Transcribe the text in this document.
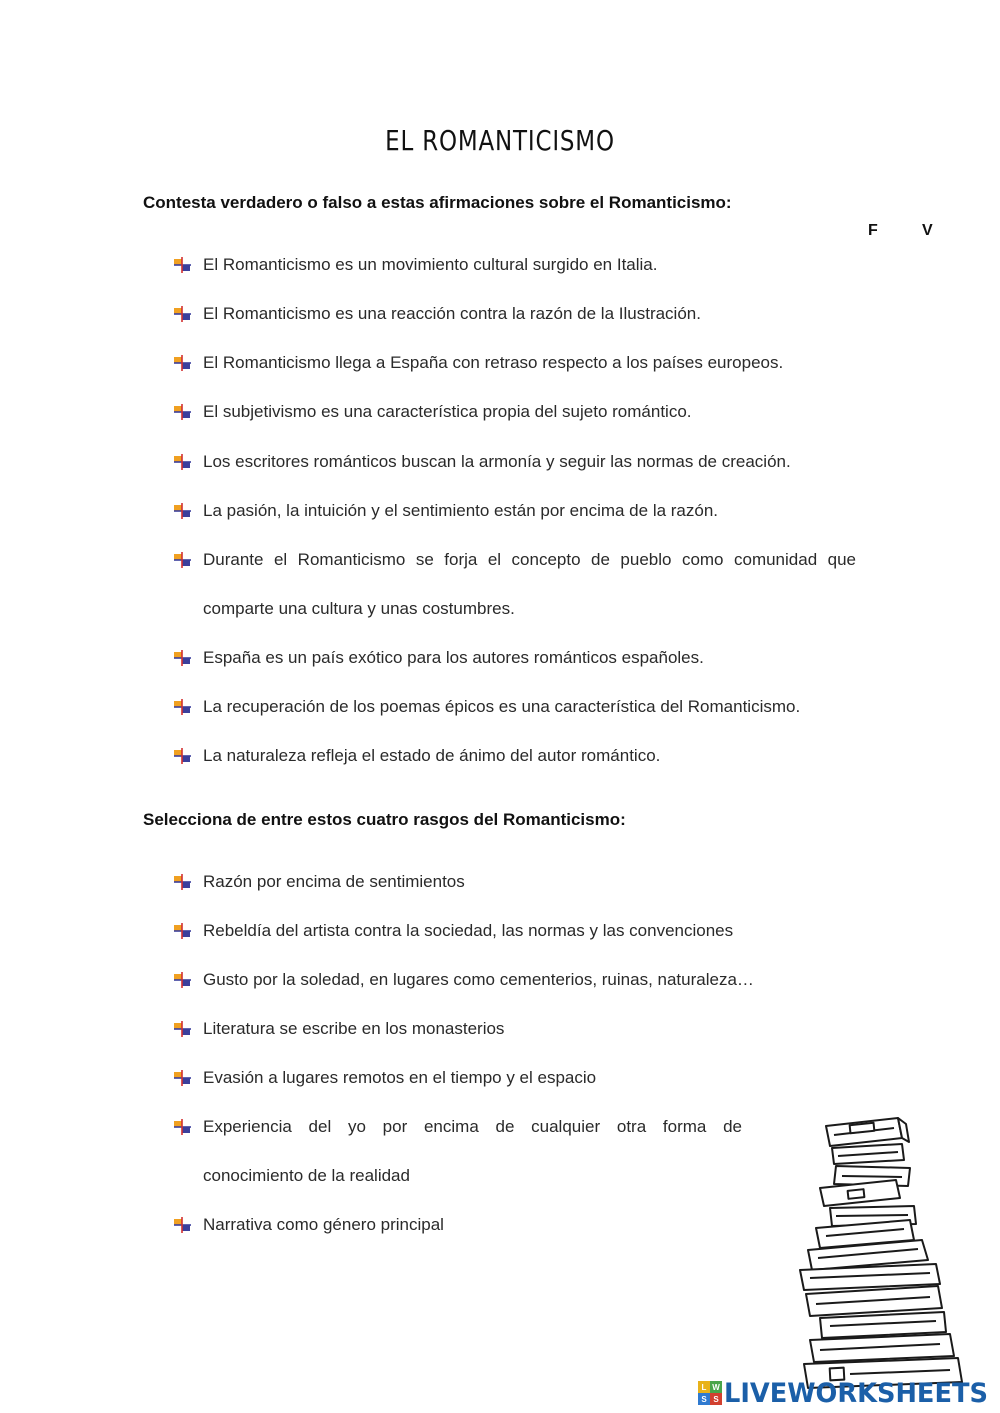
EL ROMANTICISMO
Contesta verdadero o falso a estas afirmaciones sobre el Romanticismo:
F	V
El Romanticismo es un movimiento cultural surgido en Italia.
El Romanticismo es una reacción contra la razón de la Ilustración.
El Romanticismo llega a España con retraso respecto a los países europeos.
El subjetivismo es una característica propia del sujeto romántico.
Los escritores románticos buscan la armonía y seguir las normas de creación.
La pasión, la intuición y el sentimiento están por encima de la razón.
Durante el Romanticismo se forja el concepto de pueblo como comunidad que
comparte una cultura y unas costumbres.
España es un país exótico para los autores románticos españoles.
La recuperación de los poemas épicos es una característica del Romanticismo.
La naturaleza refleja el estado de ánimo del autor romántico.
Selecciona de entre estos cuatro rasgos del Romanticismo:
Razón por encima de sentimientos
Rebeldía del artista contra la sociedad, las normas y las convenciones
Gusto por la soledad, en lugares como cementerios, ruinas, naturaleza…
Literatura se escribe en los monasterios
Evasión a lugares remotos en el tiempo y el espacio
Experiencia del yo por encima de cualquier otra forma de
conocimiento de la realidad
Narrativa como género principal
L W
S S LIVEWORKSHEETS
